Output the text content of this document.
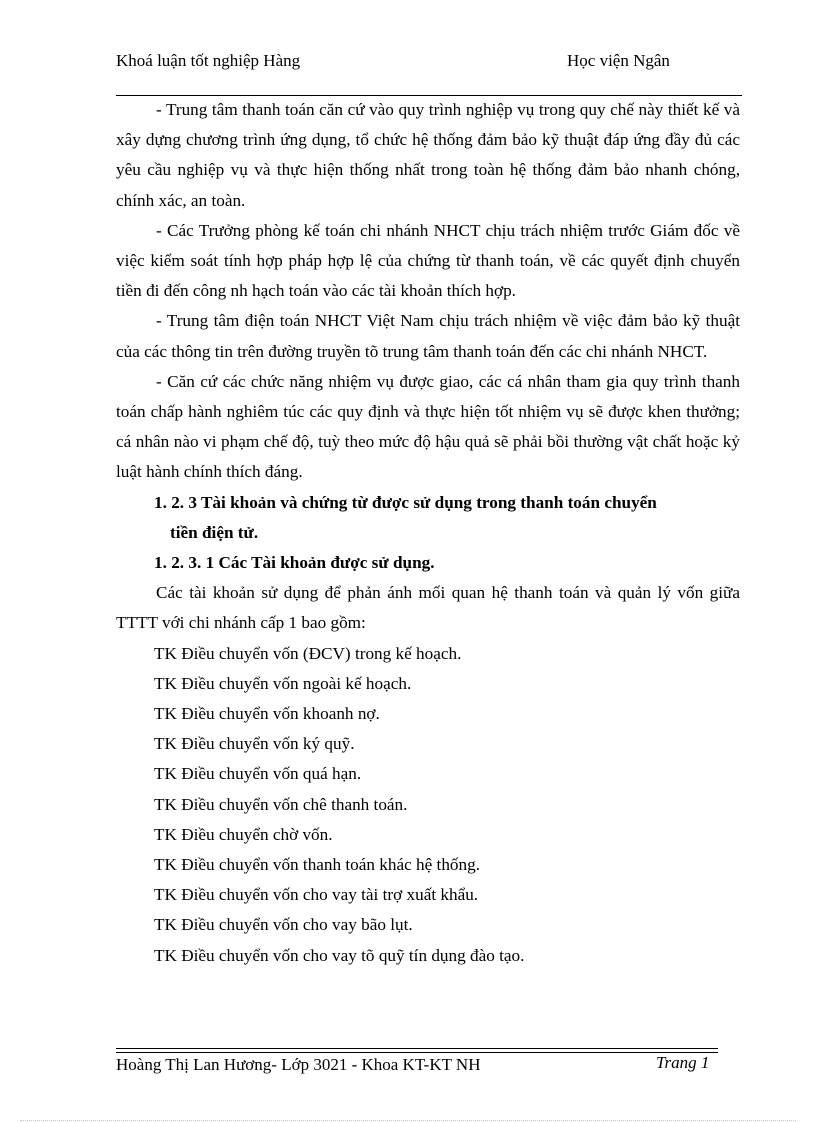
Khoá luận tốt nghiệp Hàng	Học viện Ngân

- Trung tâm thanh toán căn cứ vào quy trình nghiệp vụ trong quy chế này thiết kế và xây dựng chương trình ứng dụng, tổ chức hệ thống đảm bảo kỹ thuật đáp ứng đầy đủ các yêu cầu nghiệp vụ và thực hiện thống nhất trong toàn hệ thống đảm bảo nhanh chóng, chính xác, an toàn.

- Các Trưởng phòng kế toán chi nhánh NHCT chịu trách nhiệm trước Giám đốc về việc kiểm soát tính hợp pháp hợp lệ của chứng từ thanh toán, về các quyết định chuyển tiền đi đến công nh hạch toán vào các tài khoản thích hợp.

- Trung tâm điện toán NHCT Việt Nam chịu trách nhiệm về việc đảm bảo kỹ thuật của các thông tin trên đường truyền tõ trung tâm thanh toán đến các chi nhánh NHCT.

- Căn cứ các chức năng nhiệm vụ được giao, các cá nhân tham gia quy trình thanh toán chấp hành nghiêm túc các quy định và thực hiện tốt nhiệm vụ sẽ được khen thưởng; cá nhân nào vi phạm chế độ, tuỳ theo mức độ hậu quả sẽ phải bồi thường vật chất hoặc kỷ luật hành chính thích đáng.

1. 2. 3 Tài khoản và chứng từ được sử dụng trong thanh toán chuyển
tiền điện tử.

1. 2. 3. 1 Các Tài khoản được sử dụng.

Các tài khoản sử dụng để phản ánh mối quan hệ thanh toán và quản lý vốn giữa TTTT với chi nhánh cấp 1 bao gồm:

TK Điều chuyển vốn (ĐCV) trong kế hoạch.

TK Điều chuyển vốn ngoài kế hoạch.

TK Điều chuyển vốn khoanh nợ.

TK Điều chuyển vốn ký quỹ.

TK Điều chuyển vốn quá hạn.

TK Điều chuyển vốn chê thanh toán.

TK Điều chuyển chờ vốn.

TK Điều chuyển vốn thanh toán khác hệ thống.

TK Điều chuyển vốn cho vay tài trợ xuất khẩu.

TK Điều chuyển vốn cho vay bão lụt.

TK Điều chuyển vốn cho vay tõ quỹ tín dụng đào tạo.

Hoàng Thị Lan Hương- Lớp 3021 - Khoa KT-KT NH	Trang 1
